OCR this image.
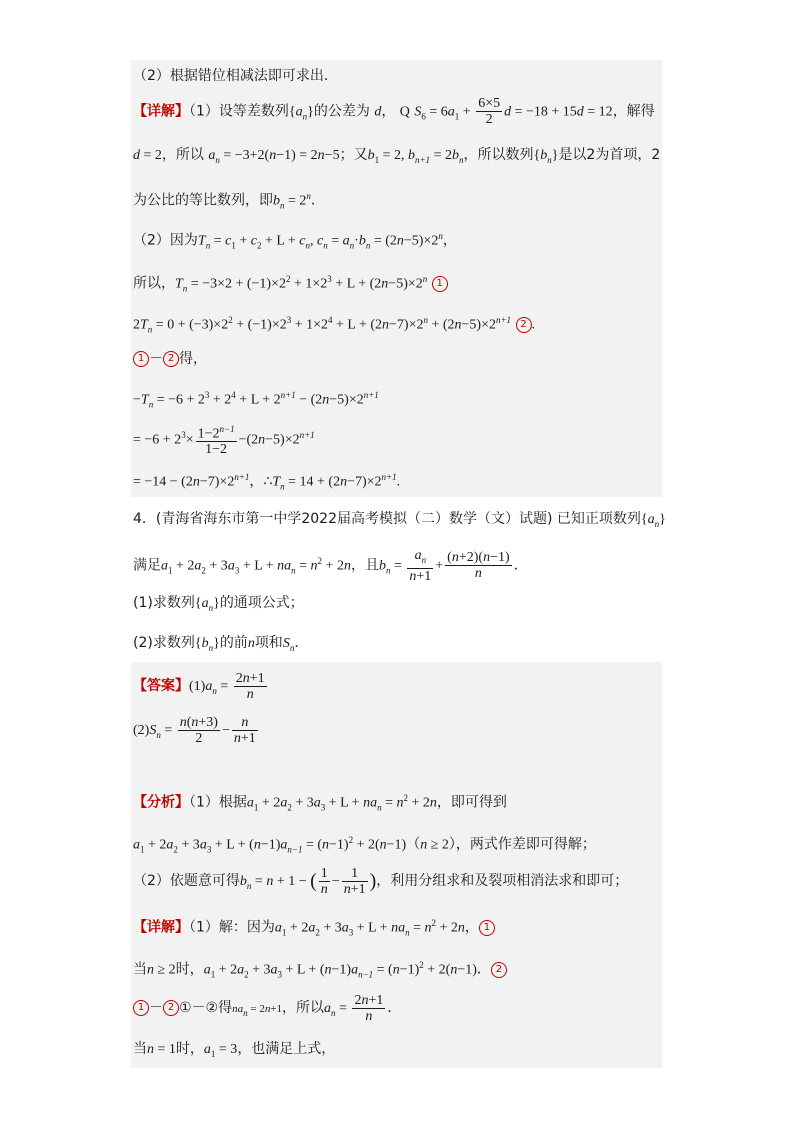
（2）根据错位相减法即可求出.
【详解】（1）设等差数列$\{a_n\}$的公差为 d， Q $S_6 = 6a_1 + \frac{6\times 5}{2}$ d = −18 + 15d = 12，解得
d = 2，所以 $a_n = -3+2(n-1) = 2n-5$；又$b_1 = 2$, $b_{n+1} = 2b_n$，所以数列$\{b_n\}$是以2为首项，2
为公比的等比数列，即$b_n = 2^n$．
（2）因为$T_n = c_1 + c_2 + L + c_n$, $c_n = a_n\cdot b_n = (2n-5)\times 2^n$，
所以，$T_n = -3\times 2 + (-1)\times 2^2 + 1\times 2^3 + L + (2n-5)\times 2^n$ 1
$2T_n = 0 + (-3)\times 2^2 + (-1)\times 2^3 + 1\times 2^4 + L + (2n-7)\times 2^n + (2n-5)\times 2^{n+1}$ 2 .
1 － 2 得，
$-T_n = -6 + 2^3 + 2^4 + L + 2^{n+1} - (2n-5)\times 2^{n+1}$
= $-6 + 2^3\times \frac{1-2^{n-1}}{1-2} -(2n-5)\times 2^{n+1}$
= $-14 - (2n-7)\times 2^{n+1}$，$\therefore T_n = 14 + (2n-7)\times 2^{n+1}$.
4．(青海省海东市第一中学2022届高考模拟（二）数学（文）试题) 已知正项数列$\{a_n\}$
满足$a_1 + 2a_2 + 3a_3 + L + na_n = n^2 + 2n$，且$b_n = \frac{a_n}{n+1} + \frac{(n+2)(n-1)}{n}$ ．
(1)求数列$\{a_n\}$的通项公式；
(2)求数列$\{b_n\}$的前n项和$S_n$．
【答案】$(1)a_n = \frac{2n+1}{n}$
$(2)S_n = \frac{n(n+3)}{2} - \frac{n}{n+1}$
【分析】（1）根据$a_1 + 2a_2 + 3a_3 + L + na_n = n^2 + 2n$，即可得到
$a_1 + 2a_2 + 3a_3 + L + (n-1)a_{n-1} = (n-1)^2 + 2(n-1)(n \ge 2)$，两式作差即可得解；
（2）依题意可得$b_n = n + 1$ − ( $\frac{1}{n} - \frac{1}{n+1}$ )，利用分组求和及裂项相消法求和即可；
【详解】（1）解：因为$a_1 + 2a_2 + 3a_3 + L + na_n = n^2 + 2n$， 1
当n ≥ 2时，$a_1 + 2a_2 + 3a_3 + L + (n-1)a_{n-1} = (n-1)^2 + 2(n-1)$． 2
1 － 2 ①－②得$na_n = 2n+1$，所以$a_n = \frac{2n+1}{n}$ ．
当n = 1时，$a_1 = 3$，也满足上式，
